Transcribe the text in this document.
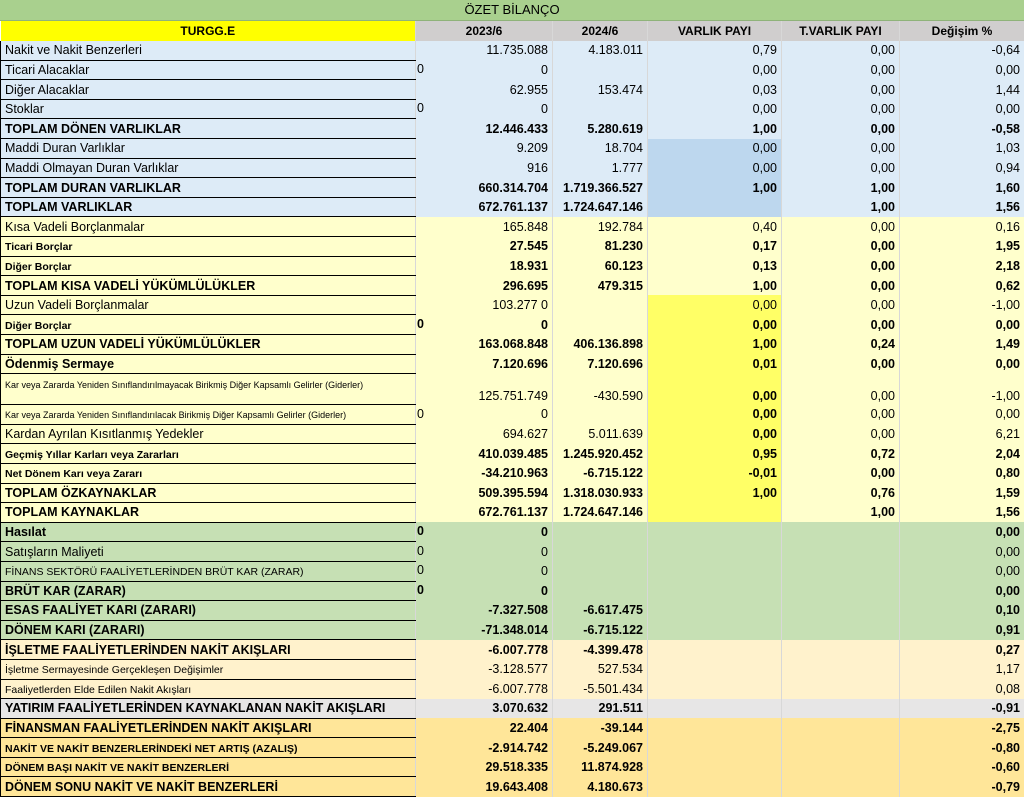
ÖZET BİLANÇO
TURGG.E	2023/6	2024/6	VARLIK PAYI	T.VARLIK PAYI	Değişim %
Nakit ve Nakit Benzerleri	11.735.088	4.183.011	0,79	0,00	-0,64
Ticari Alacaklar	0 0		0,00	0,00	0,00
Diğer Alacaklar	62.955	153.474	0,03	0,00	1,44
Stoklar	0 0		0,00	0,00	0,00
TOPLAM DÖNEN VARLIKLAR	12.446.433	5.280.619	1,00	0,00	-0,58
Maddi Duran Varlıklar	9.209	18.704	0,00	0,00	1,03
Maddi Olmayan Duran Varlıklar	916	1.777	0,00	0,00	0,94
TOPLAM DURAN VARLIKLAR	660.314.704	1.719.366.527	1,00	1,00	1,60
TOPLAM VARLIKLAR	672.761.137	1.724.647.146		1,00	1,56
Kısa Vadeli Borçlanmalar	165.848	192.784	0,40	0,00	0,16
Ticari Borçlar	27.545	81.230	0,17	0,00	1,95
Diğer Borçlar	18.931	60.123	0,13	0,00	2,18
TOPLAM KISA VADELİ YÜKÜMLÜLÜKLER	296.695	479.315	1,00	0,00	0,62
Uzun Vadeli Borçlanmalar	103.277 0		0,00	0,00	-1,00
Diğer Borçlar	0 0		0,00	0,00	0,00
TOPLAM UZUN VADELİ YÜKÜMLÜLÜKLER	163.068.848	406.136.898	1,00	0,24	1,49
Ödenmiş Sermaye	7.120.696	7.120.696	0,01	0,00	0,00
Kar veya Zararda Yeniden Sınıflandırılmayacak Birikmiş Diğer Kapsamlı Gelirler (Giderler)	125.751.749	-430.590	0,00	0,00	-1,00
Kar veya Zararda Yeniden Sınıflandırılacak Birikmiş Diğer Kapsamlı Gelirler (Giderler)	0 0		0,00	0,00	0,00
Kardan Ayrılan Kısıtlanmış Yedekler	694.627	5.011.639	0,00	0,00	6,21
Geçmiş Yıllar Karları veya Zararları	410.039.485	1.245.920.452	0,95	0,72	2,04
Net Dönem Karı veya Zararı	-34.210.963	-6.715.122	-0,01	0,00	0,80
TOPLAM ÖZKAYNAKLAR	509.395.594	1.318.030.933	1,00	0,76	1,59
TOPLAM KAYNAKLAR	672.761.137	1.724.647.146		1,00	1,56
Hasılat	0 0				0,00
Satışların Maliyeti	0 0				0,00
FİNANS SEKTÖRÜ FAALİYETLERİNDEN BRÜT KAR (ZARAR)	0 0				0,00
BRÜT KAR (ZARAR)	0 0				0,00
ESAS FAALİYET KARI (ZARARI)	-7.327.508	-6.617.475			0,10
DÖNEM KARI (ZARARI)	-71.348.014	-6.715.122			0,91
İŞLETME FAALİYETLERİNDEN NAKİT AKIŞLARI	-6.007.778	-4.399.478			0,27
İşletme Sermayesinde Gerçekleşen Değişimler	-3.128.577	527.534			1,17
Faaliyetlerden Elde Edilen Nakit Akışları	-6.007.778	-5.501.434			0,08
YATIRIM FAALİYETLERİNDEN KAYNAKLANAN NAKİT AKIŞLARI	3.070.632	291.511			-0,91
FİNANSMAN FAALİYETLERİNDEN NAKİT AKIŞLARI	22.404	-39.144			-2,75
NAKİT VE NAKİT BENZERLERİNDEKİ NET ARTIŞ (AZALIŞ)	-2.914.742	-5.249.067			-0,80
DÖNEM BAŞI NAKİT VE NAKİT BENZERLERİ	29.518.335	11.874.928			-0,60
DÖNEM SONU NAKİT VE NAKİT BENZERLERİ	19.643.408	4.180.673			-0,79
